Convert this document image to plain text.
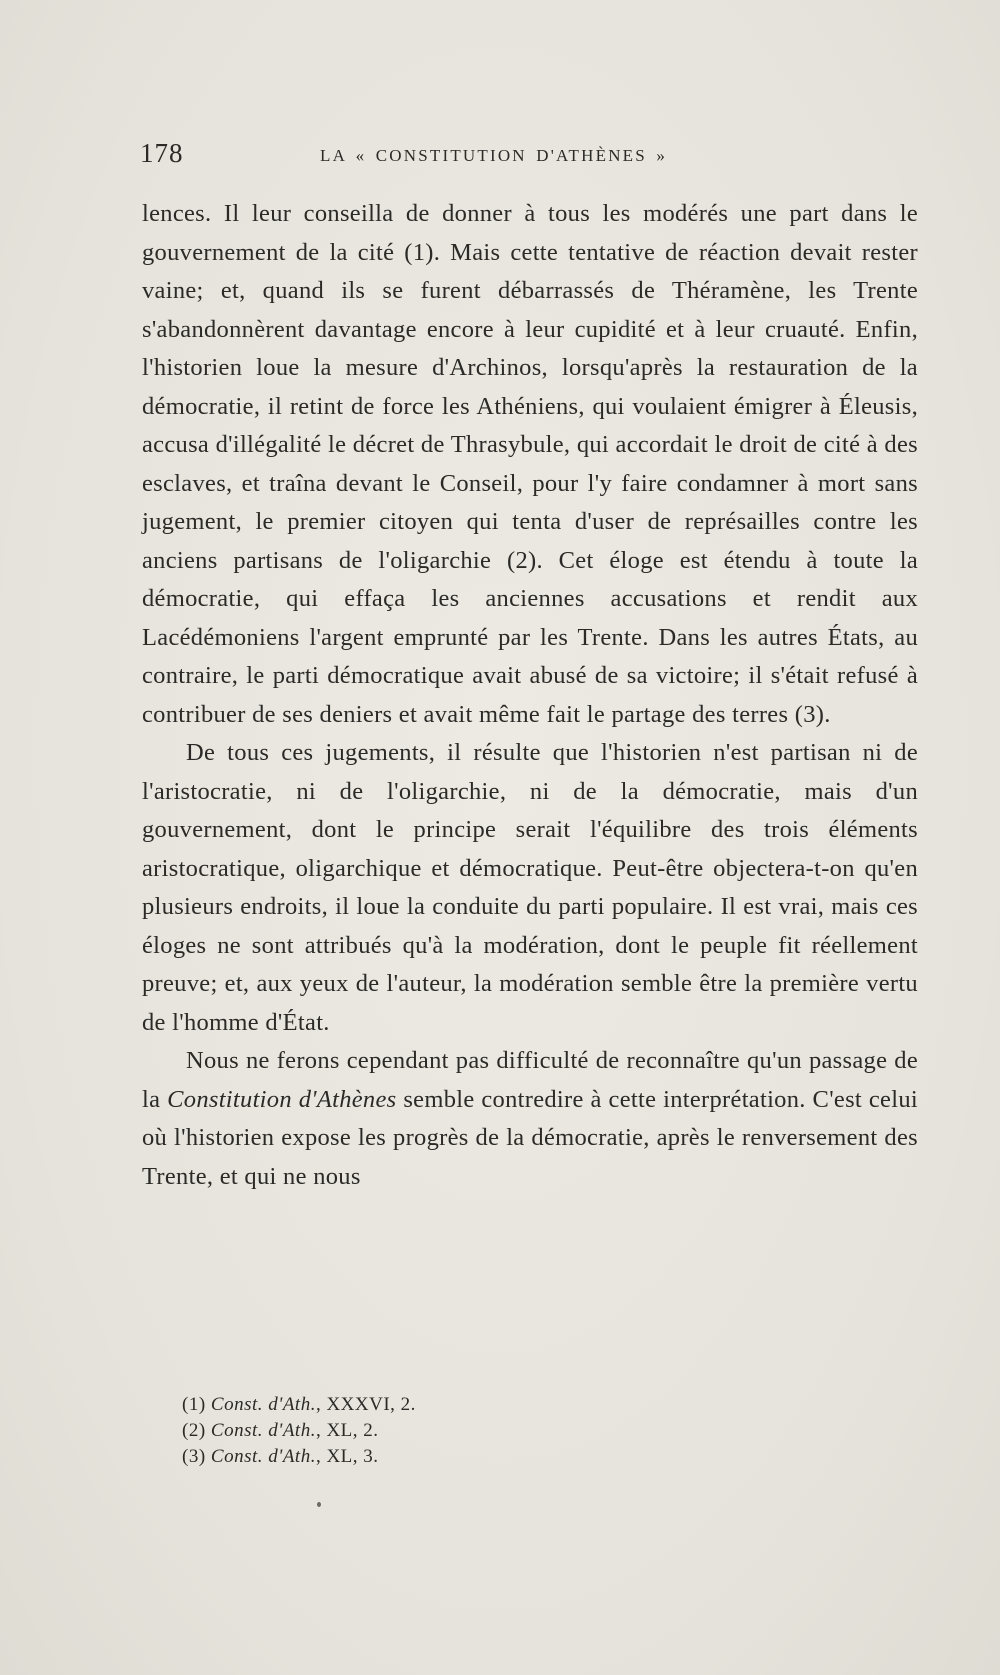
178	LA « CONSTITUTION D'ATHÈNES »

lences. Il leur conseilla de donner à tous les modérés une part dans le gouvernement de la cité (1). Mais cette tentative de réaction devait rester vaine; et, quand ils se furent débarrassés de Théramène, les Trente s'abandonnèrent davantage encore à leur cupidité et à leur cruauté. Enfin, l'historien loue la mesure d'Archinos, lorsqu'après la restauration de la démocratie, il retint de force les Athéniens, qui voulaient émigrer à Éleusis, accusa d'illégalité le décret de Thrasybule, qui accordait le droit de cité à des esclaves, et traîna devant le Conseil, pour l'y faire condamner à mort sans jugement, le premier citoyen qui tenta d'user de représailles contre les anciens partisans de l'oligarchie (2). Cet éloge est étendu à toute la démocratie, qui effaça les anciennes accusations et rendit aux Lacédémoniens l'argent emprunté par les Trente. Dans les autres États, au contraire, le parti démocratique avait abusé de sa victoire; il s'était refusé à contribuer de ses deniers et avait même fait le partage des terres (3).

De tous ces jugements, il résulte que l'historien n'est partisan ni de l'aristocratie, ni de l'oligarchie, ni de la démocratie, mais d'un gouvernement, dont le principe serait l'équilibre des trois éléments aristocratique, oligarchique et démocratique. Peut-être objectera-t-on qu'en plusieurs endroits, il loue la conduite du parti populaire. Il est vrai, mais ces éloges ne sont attribués qu'à la modération, dont le peuple fit réellement preuve; et, aux yeux de l'auteur, la modération semble être la première vertu de l'homme d'État.

Nous ne ferons cependant pas difficulté de reconnaître qu'un passage de la Constitution d'Athènes semble contredire à cette interprétation. C'est celui où l'historien expose les progrès de la démocratie, après le renversement des Trente, et qui ne nous

(1) Const. d'Ath., XXXVI, 2.
(2) Const. d'Ath., XL, 2.
(3) Const. d'Ath., XL, 3.
